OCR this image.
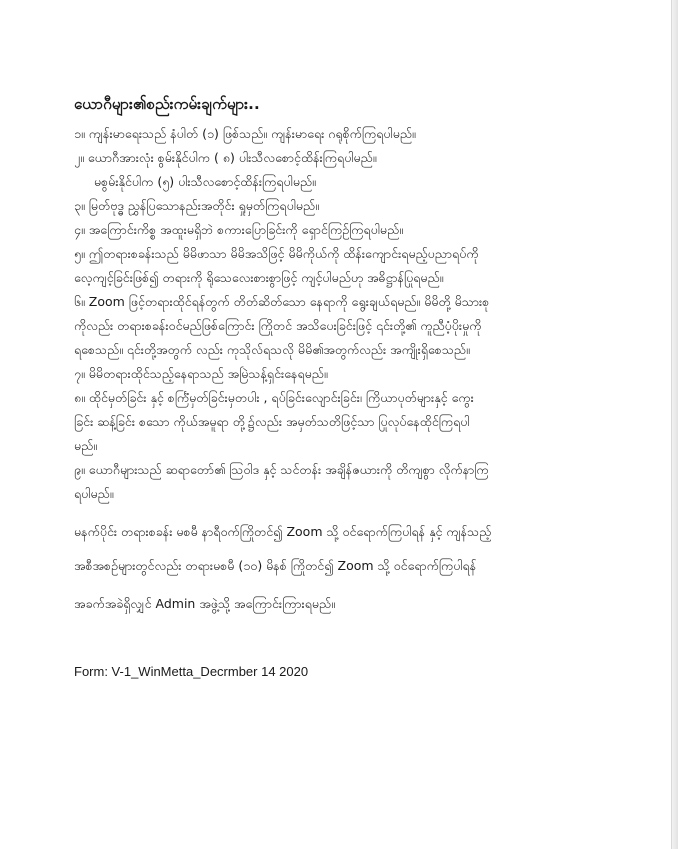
ယောဂီများ၏စည်းကမ်းချက်များ..
၁။ ကျန်းမာရေးသည် နံပါတ် (၁) ဖြစ်သည်။ ကျန်းမာရေး ဂရုစိုက်ကြရပါမည်။
၂။ ယောဂီအားလုံး စွမ်းနိုင်ပါက ( ၈) ပါးသီလစောင့်ထိန်းကြရပါမည်။
မစွမ်းနိုင်ပါက (၅) ပါးသီလစောင့်ထိန်းကြရပါမည်။
၃။ မြတ်ဗုဒ္ဓ ညွှန်ပြသောနည်းအတိုင်း ရှုမှတ်ကြရပါမည်။
၄။ အကြောင်းကိစ္စ အထူးမရှိဘဲ စကားပြောခြင်းကို ရှောင်ကြဉ်ကြရပါမည်။
၅။ ဤတရားစခန်းသည် မိမိဖာသာ မိမိအသိဖြင့် မိမိကိုယ်ကို ထိန်းကျောင်းရမည့်ပညာရပ်ကို
လေ့ကျင့်ခြင်းဖြစ်၍ တရားကို ရိုသေလေးစားစွာဖြင့် ကျင့်ပါမည်ဟု အဓိဋ္ဌာန်ပြုရမည်။
၆။ Zoom ဖြင့်တရားထိုင်ရန်တွက် တိတ်ဆိတ်သော နေရာကို ရွေးချယ်ရမည်။ မိမိတို့ မိသားစု
ကိုလည်း တရားစခန်းဝင်မည်ဖြစ်ကြောင်း ကြိုတင် အသိပေးခြင်းဖြင့် ၎င်းတို့၏ ကူညီပံ့ပိုးမှုကို
ရစေသည်။ ၎င်းတို့အတွက် လည်း ကုသိုလ်ရသလို မိမိ၏အတွက်လည်း အကျိုးရှိစေသည်။
၇။ မိမိတရားထိုင်သည့်နေရာသည် အမြဲသန့်ရှင်းနေရမည်။
၈။ ထိုင်မှတ်ခြင်း နှင့် စင်္ကြံမှတ်ခြင်းမှတပါး , ရပ်ခြင်းလျောင်းခြင်း၊ ကြိယာပုတ်များနှင့် ကွေး
ခြင်း ဆန့်ခြင်း စသော ကိုယ်အမူရာ တို့၌လည်း အမှတ်သတိဖြင့်သာ ပြုလုပ်နေထိုင်ကြရပါ
မည်။
၉။ ယောဂီများသည် ဆရာတော်၏ ဩဝါဒ နှင့် သင်တန်း အချိန်ဇယားကို တိကျစွာ လိုက်နာကြ
ရပါမည်။
မနက်ပိုင်း တရားစခန်း မစမီ နာရီဝက်ကြိုတင်၍ Zoom သို့ ဝင်ရောက်ကြပါရန် နှင့် ကျန်သည့်
အစီအစဉ်များတွင်လည်း တရားမစမီ (၁၀) မိနစ် ကြိုတင်၍ Zoom သို့ ဝင်ရောက်ကြပါရန်
အခက်အခဲရှိလျှင် Admin အဖွဲ့သို့ အကြောင်းကြားရမည်။
Form: V-1_WinMetta_Decrmber 14 2020
